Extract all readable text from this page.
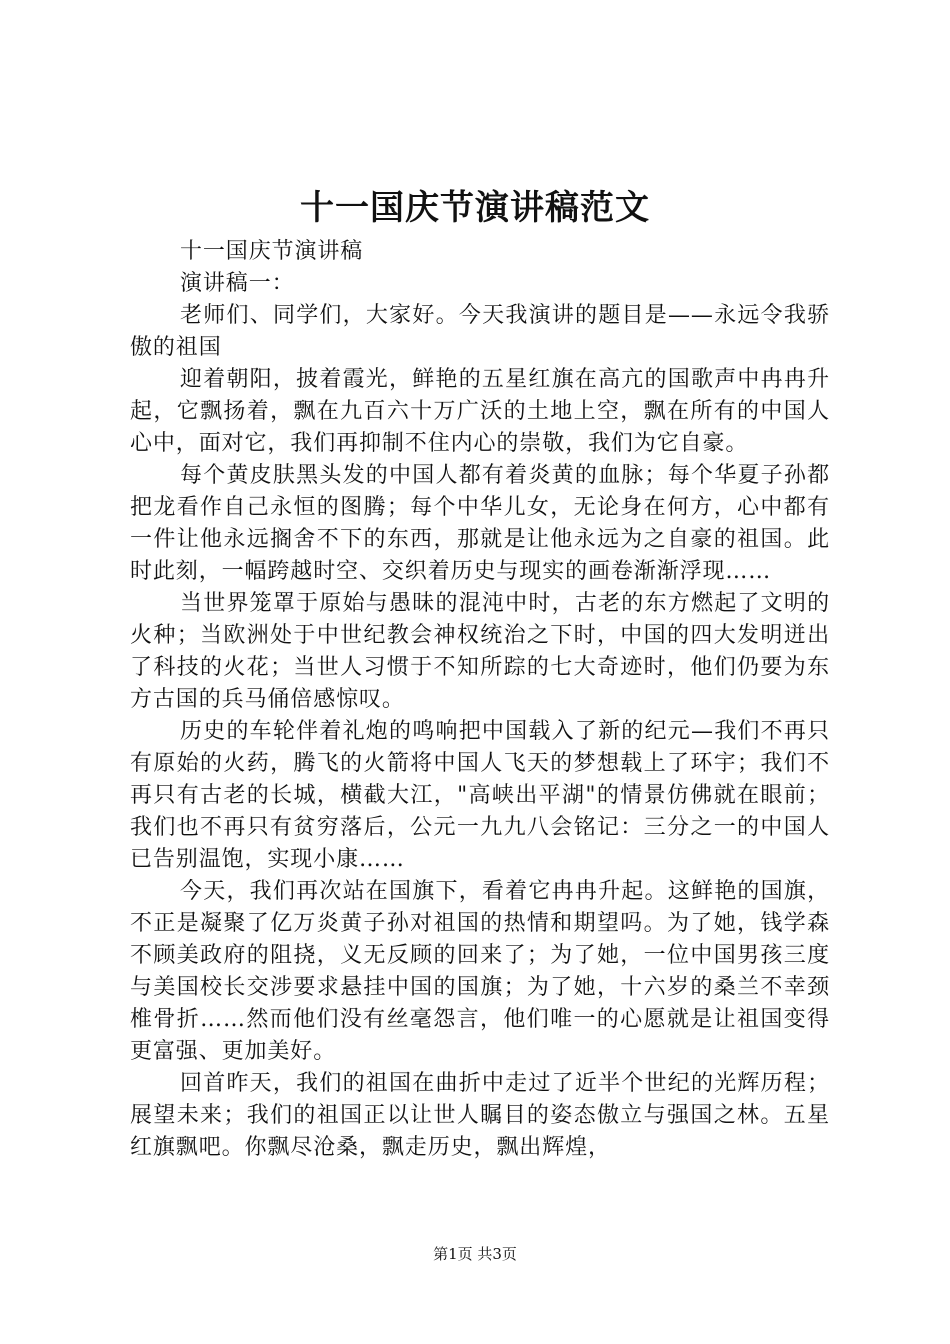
十一国庆节演讲稿范文

十一国庆节演讲稿

演讲稿一：

老师们、同学们，大家好。今天我演讲的题目是——永远令我骄傲的祖国

迎着朝阳，披着霞光，鲜艳的五星红旗在高亢的国歌声中冉冉升起，它飘扬着，飘在九百六十万广沃的土地上空，飘在所有的中国人心中，面对它，我们再抑制不住内心的崇敬，我们为它自豪。

每个黄皮肤黑头发的中国人都有着炎黄的血脉；每个华夏子孙都把龙看作自己永恒的图腾；每个中华儿女，无论身在何方，心中都有一件让他永远搁舍不下的东西，那就是让他永远为之自豪的祖国。此时此刻，一幅跨越时空、交织着历史与现实的画卷渐渐浮现……

当世界笼罩于原始与愚昧的混沌中时，古老的东方燃起了文明的火种；当欧洲处于中世纪教会神权统治之下时，中国的四大发明迸出了科技的火花；当世人习惯于不知所踪的七大奇迹时，他们仍要为东方古国的兵马俑倍感惊叹。

历史的车轮伴着礼炮的鸣响把中国载入了新的纪元—我们不再只有原始的火药，腾飞的火箭将中国人飞天的梦想载上了环宇；我们不再只有古老的长城，横截大江，"高峡出平湖"的情景仿佛就在眼前；我们也不再只有贫穷落后，公元一九九八会铭记：三分之一的中国人已告别温饱，实现小康……

今天，我们再次站在国旗下，看着它冉冉升起。这鲜艳的国旗，不正是凝聚了亿万炎黄子孙对祖国的热情和期望吗。为了她，钱学森不顾美政府的阻挠，义无反顾的回来了；为了她，一位中国男孩三度与美国校长交涉要求悬挂中国的国旗；为了她，十六岁的桑兰不幸颈椎骨折……然而他们没有丝毫怨言，他们唯一的心愿就是让祖国变得更富强、更加美好。

回首昨天，我们的祖国在曲折中走过了近半个世纪的光辉历程；展望未来；我们的祖国正以让世人瞩目的姿态傲立与强国之林。五星红旗飘吧。你飘尽沧桑，飘走历史，飘出辉煌，

第1页 共3页
